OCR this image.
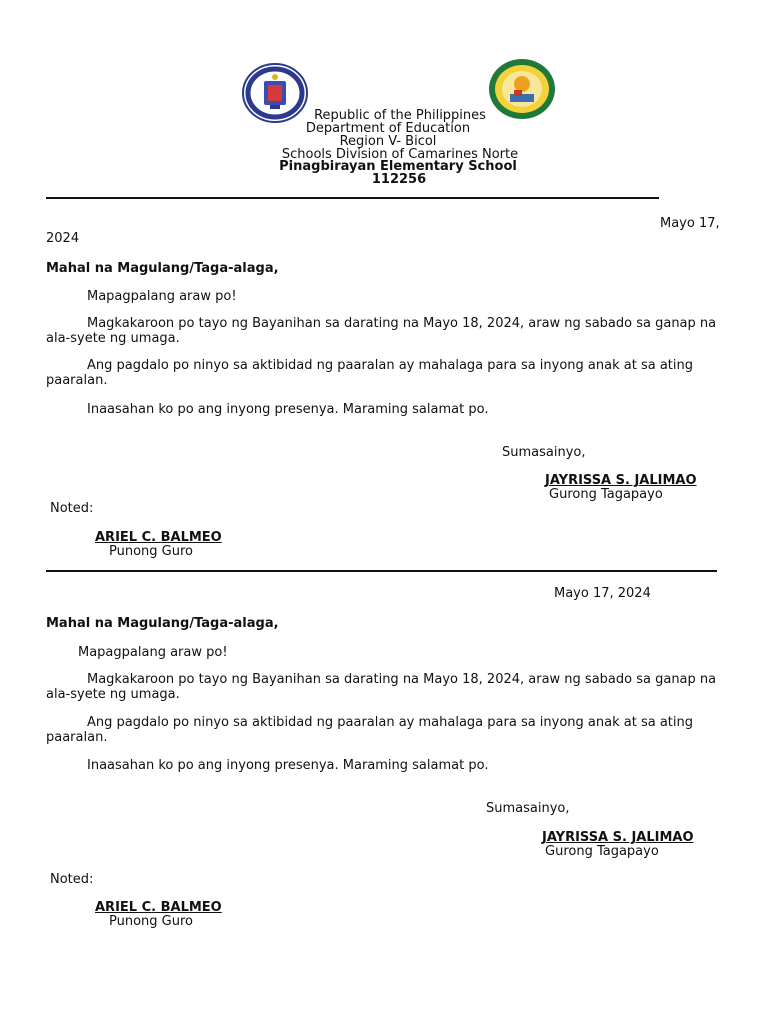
Republic of the Philippines
Department of Education
Region V- Bicol
Schools Division of Camarines Norte
Pinagbirayan Elementary School
112256
Mayo 17,
2024
Mahal na Magulang/Taga-alaga,
Mapagpalang araw po!
Magkakaroon po tayo ng Bayanihan sa darating na Mayo 18, 2024, araw ng sabado sa ganap na ala-syete ng umaga.
Ang pagdalo po ninyo sa aktibidad ng paaralan ay mahalaga para sa inyong anak at sa ating paaralan.
Inaasahan ko po ang inyong presenya. Maraming salamat po.
Sumasainyo,
JAYRISSA S. JALIMAO
Gurong Tagapayo
Noted:
ARIEL C. BALMEO
Punong Guro
Mayo 17, 2024
Mahal na Magulang/Taga-alaga,
Mapagpalang araw po!
Magkakaroon po tayo ng Bayanihan sa darating na Mayo 18, 2024, araw ng sabado sa ganap na ala-syete ng umaga.
Ang pagdalo po ninyo sa aktibidad ng paaralan ay mahalaga para sa inyong anak at sa ating paaralan.
Inaasahan ko po ang inyong presenya. Maraming salamat po.
Sumasainyo,
JAYRISSA S. JALIMAO
Gurong Tagapayo
Noted:
ARIEL C. BALMEO
Punong Guro
